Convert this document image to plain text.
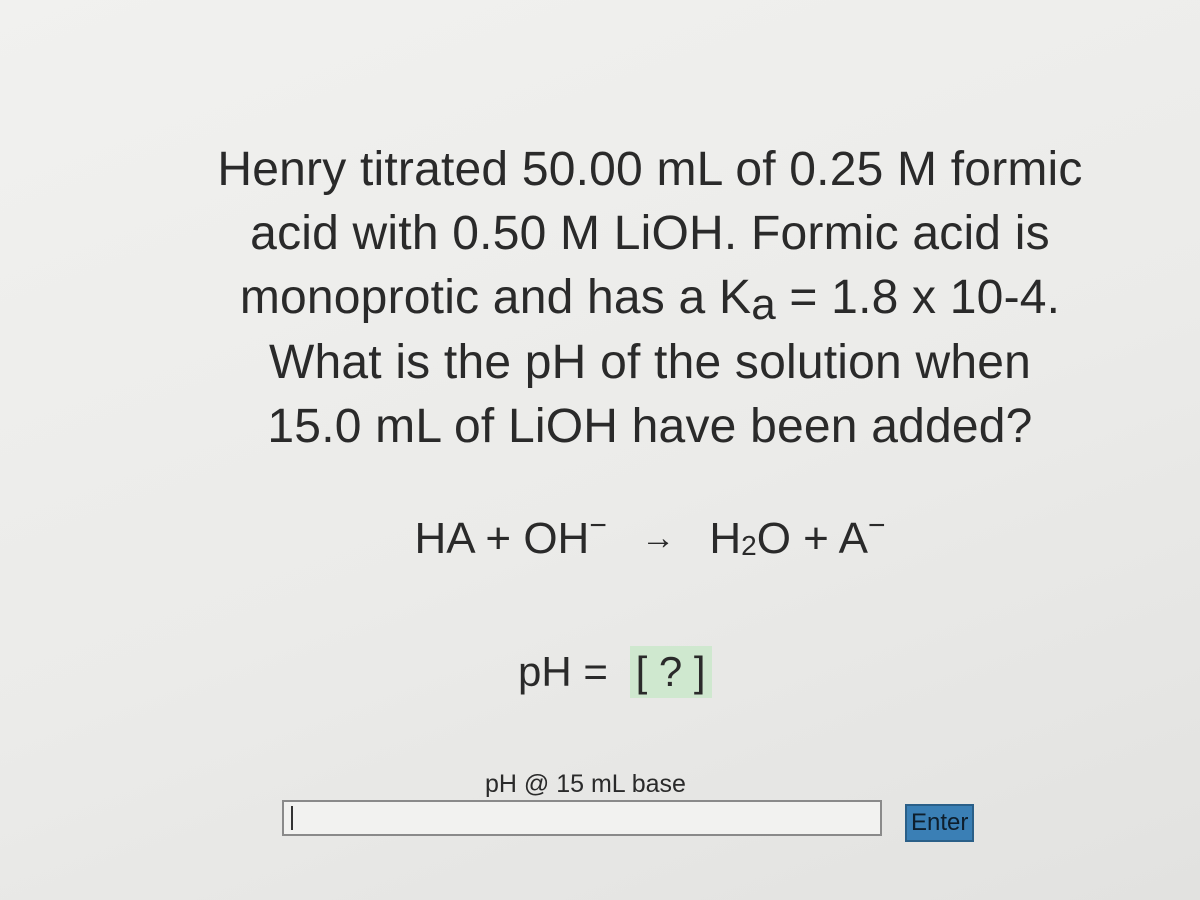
Henry titrated 50.00 mL of 0.25 M formic
acid with 0.50 M LiOH. Formic acid is
monoprotic and has a Ka = 1.8 x 10-4.
What is the pH of the solution when
15.0 mL of LiOH have been added?
HA + $OH^- \to H_2O + A^-$
pH = [ ? ]
pH @ 15 mL base
Enter
